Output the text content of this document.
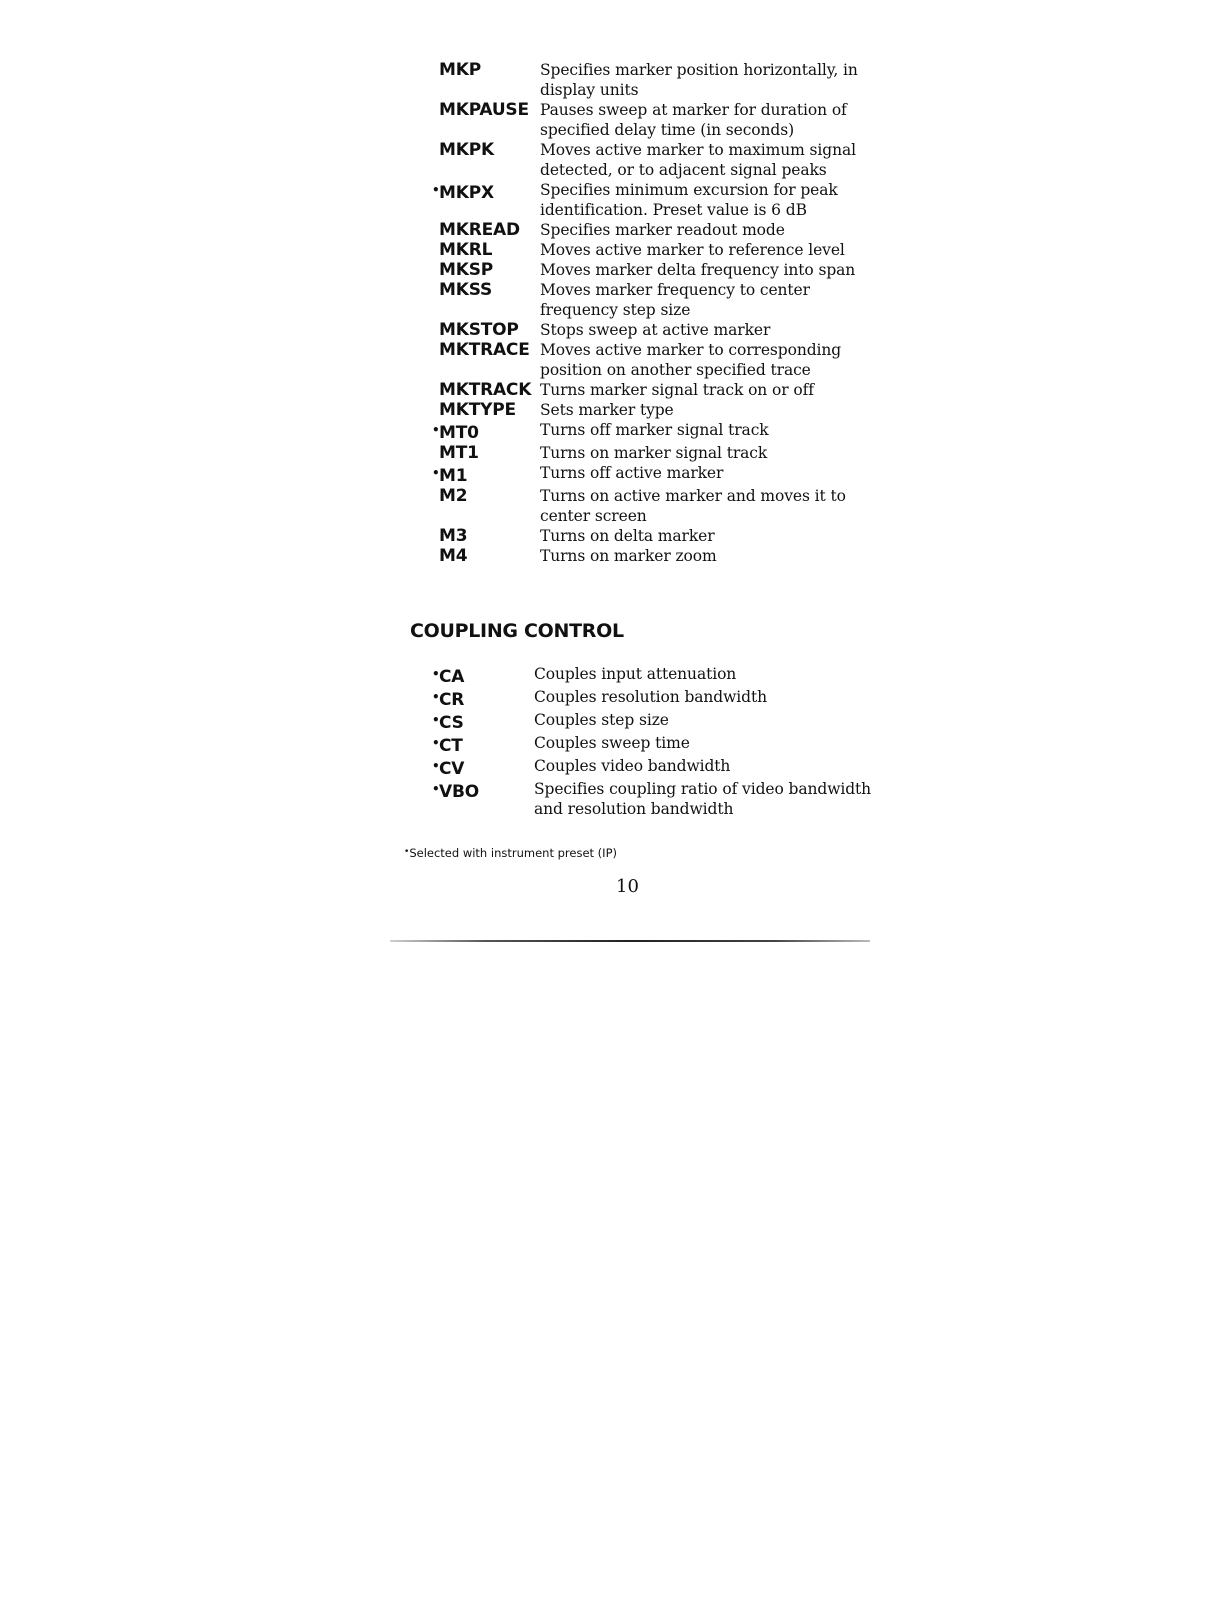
MKP	Specifies marker position horizontally, in display units
MKPAUSE Pauses sweep at marker for duration of specified delay time (in seconds)
MKPK	Moves active marker to maximum signal detected, or to adjacent signal peaks
•MKPX	Specifies minimum excursion for peak identification. Preset value is 6 dB
MKREAD	Specifies marker readout mode
MKRL	Moves active marker to reference level
MKSP	Moves marker delta frequency into span
MKSS	Moves marker frequency to center frequency step size
MKSTOP	Stops sweep at active marker
MKTRACE Moves active marker to corresponding position on another specified trace
MKTRACK Turns marker signal track on or off
MKTYPE	Sets marker type
•MT0	Turns off marker signal track
MT1	Turns on marker signal track
•M1	Turns off active marker
M2	Turns on active marker and moves it to center screen
M3	Turns on delta marker
M4	Turns on marker zoom
COUPLING CONTROL
•CA	Couples input attenuation
•CR	Couples resolution bandwidth
•CS	Couples step size
•CT	Couples sweep time
•CV	Couples video bandwidth
•VBO	Specifies coupling ratio of video bandwidth and resolution bandwidth
•Selected with instrument preset (IP)
10
